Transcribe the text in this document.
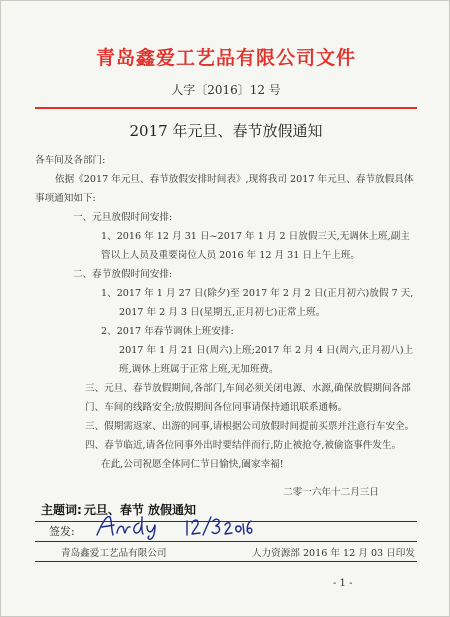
青岛鑫爱工艺品有限公司文件
人字〔2016〕12 号
2017 年元旦、春节放假通知

各车间及各部门:

依据《2017 年元旦、春节放假安排时间表》,现将我司 2017 年元旦、春节放假具体事项通知如下:

一、元旦放假时间安排:

1、2016 年 12 月 31 日~2017 年 1 月 2 日放假三天,无调休上班,副主管以上人员及重要岗位人员 2016 年 12 月 31 日上午上班。

二、春节放假时间安排:

1、2017 年 1 月 27 日(除夕)至 2017 年 2 月 2 日(正月初六)放假 7 天,

2017 年 2 月 3 日(星期五,正月初七)正常上班。

2、2017 年春节调休上班安排:

2017 年 1 月 21 日(周六)上班;2017 年 2 月 4 日(周六,正月初八)上班,调休上班属于正常上班,无加班费。

三、元旦、春节放假期间,各部门,车间必须关闭电源、水源,确保放假期间各部门、车间的线路安全;放假期间各位同事请保持通讯联系通畅。

三、假期需返家、出游的同事,请根据公司放假时间提前买票并注意行车安全。

四、春节临近,请各位同事外出时要结伴而行,防止被抢夺,被偷盗事件发生。

在此,公司祝愿全体同仁节日愉快,阖家幸福!

二零一六年十二月三日
主题词: 元旦、春节 放假通知
签发:
青岛鑫爱工艺品有限公司	人力资源部 2016 年 12 月 03 日印发
- 1 -
